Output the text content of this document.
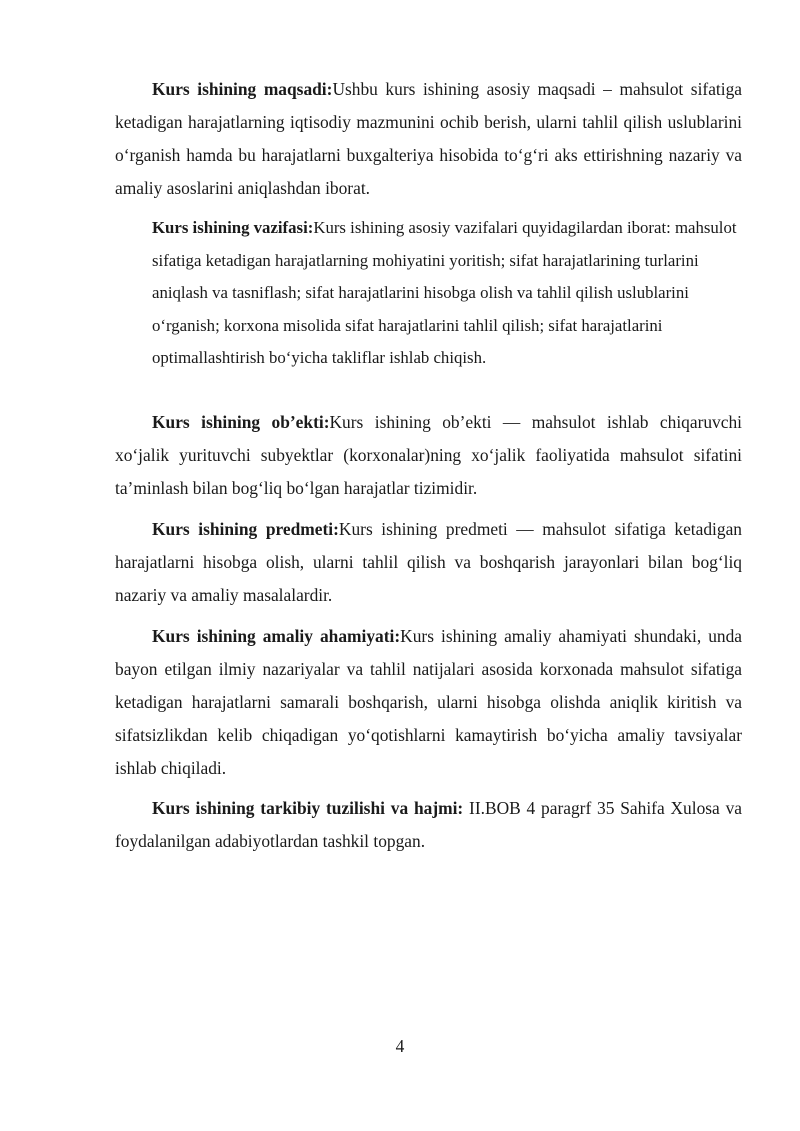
Kurs ishining maqsadi:Ushbu kurs ishining asosiy maqsadi – mahsulot sifatiga ketadigan harajatlarning iqtisodiy mazmunini ochib berish, ularni tahlil qilish uslublarini oʻrganish hamda bu harajatlarni buxgalteriya hisobida toʻgʻri aks ettirishning nazariy va amaliy asoslarini aniqlashdan iborat.

Kurs ishining vazifasi:Kurs ishining asosiy vazifalari quyidagilardan iborat: mahsulot sifatiga ketadigan harajatlarning mohiyatini yoritish; sifat harajatlarining turlarini aniqlash va tasniflash; sifat harajatlarini hisobga olish va tahlil qilish uslublarini oʻrganish; korxona misolida sifat harajatlarini tahlil qilish; sifat harajatlarini optimallashtirish boʻyicha takliflar ishlab chiqish.

Kurs ishining ob’ekti:Kurs ishining ob’ekti — mahsulot ishlab chiqaruvchi xoʻjalik yurituvchi subyektlar (korxonalar)ning xoʻjalik faoliyatida mahsulot sifatini ta’minlash bilan bogʻliq boʻlgan harajatlar tizimidir.

Kurs ishining predmeti:Kurs ishining predmeti — mahsulot sifatiga ketadigan harajatlarni hisobga olish, ularni tahlil qilish va boshqarish jarayonlari bilan bogʻliq nazariy va amaliy masalalardir.

Kurs ishining amaliy ahamiyati:Kurs ishining amaliy ahamiyati shundaki, unda bayon etilgan ilmiy nazariyalar va tahlil natijalari asosida korxonada mahsulot sifatiga ketadigan harajatlarni samarali boshqarish, ularni hisobga olishda aniqlik kiritish va sifatsizlikdan kelib chiqadigan yoʻqotishlarni kamaytirish boʻyicha amaliy tavsiyalar ishlab chiqiladi.

Kurs ishining tarkibiy tuzilishi va hajmi: II.BOB 4 paragrf 35 Sahifa Xulosa va foydalanilgan adabiyotlardan tashkil topgan.

4
